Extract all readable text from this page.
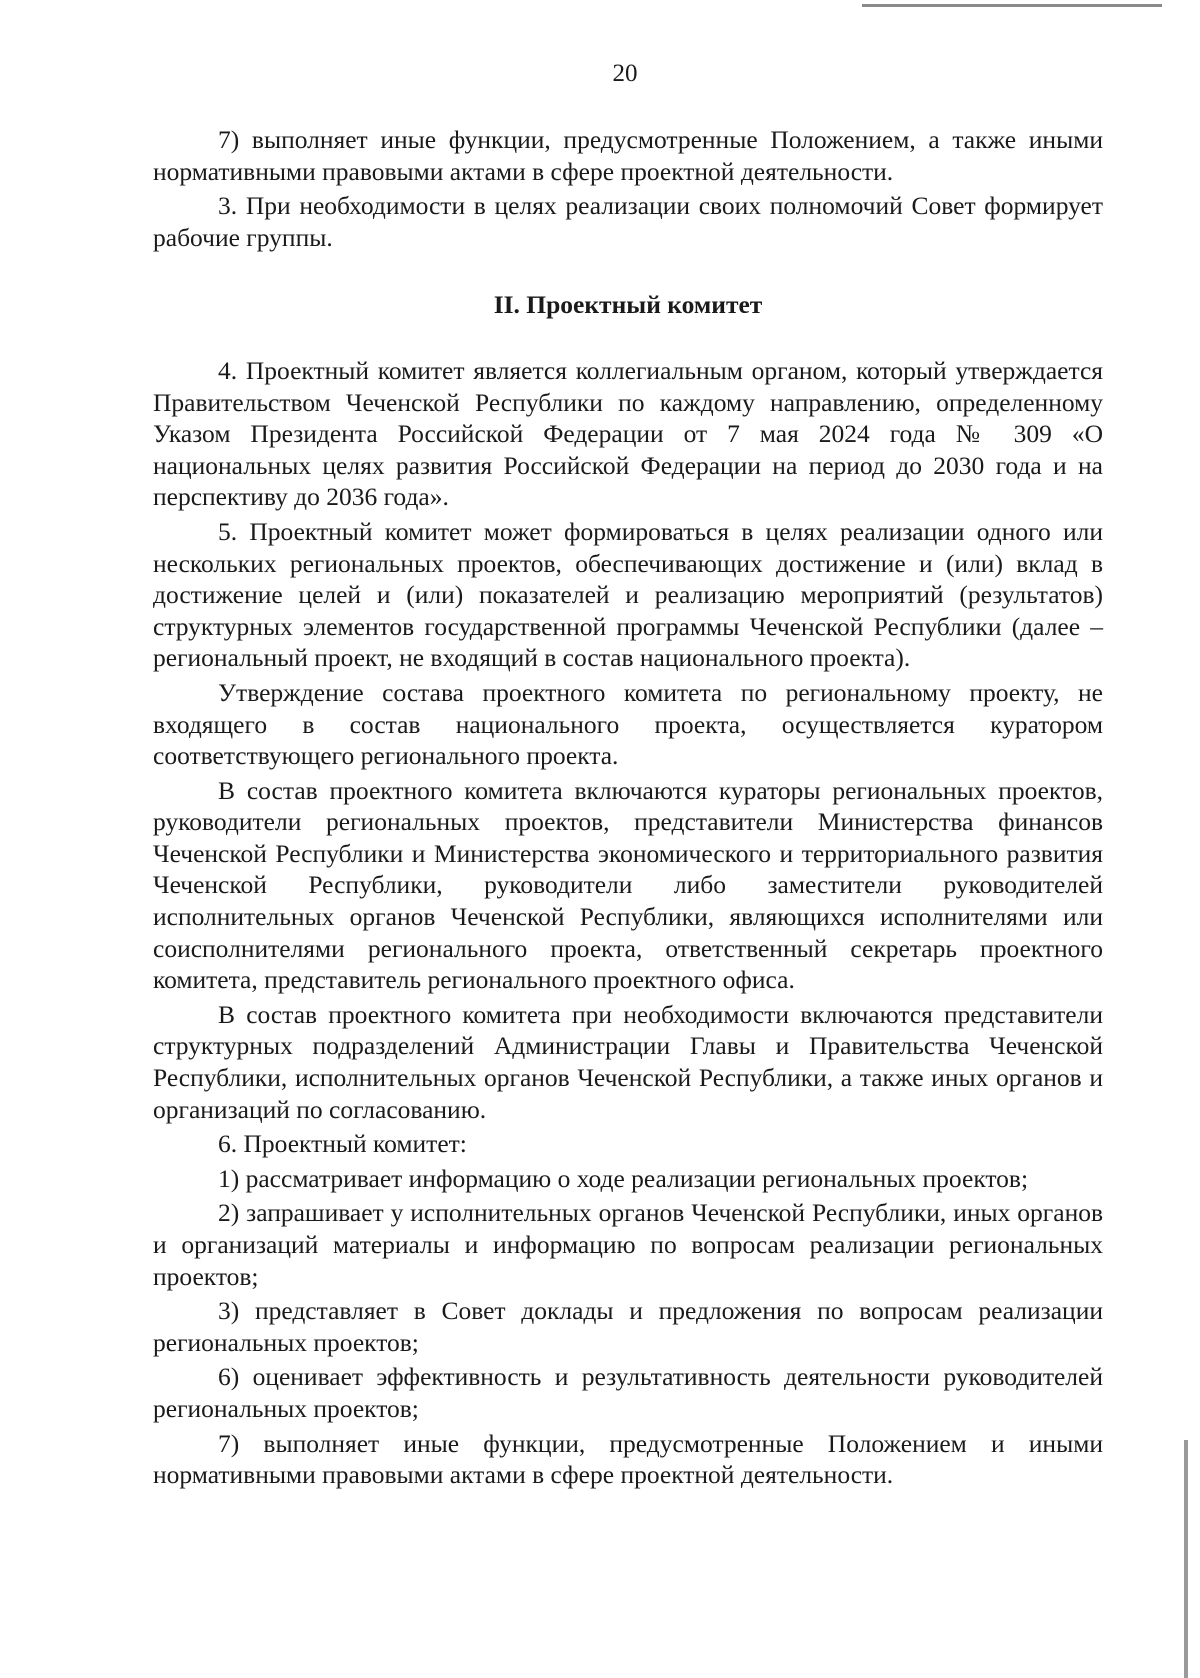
20

7) выполняет иные функции, предусмотренные Положением, а также иными нормативными правовыми актами в сфере проектной деятельности.

3. При необходимости в целях реализации своих полномочий Совет формирует рабочие группы.

II. Проектный комитет

4. Проектный комитет является коллегиальным органом, который утверждается Правительством Чеченской Республики по каждому направлению, определенному Указом Президента Российской Федерации от 7 мая 2024 года № 309 «О национальных целях развития Российской Федерации на период до 2030 года и на перспективу до 2036 года».

5. Проектный комитет может формироваться в целях реализации одного или нескольких региональных проектов, обеспечивающих достижение и (или) вклад в достижение целей и (или) показателей и реализацию мероприятий (результатов) структурных элементов государственной программы Чеченской Республики (далее – региональный проект, не входящий в состав национального проекта).

Утверждение состава проектного комитета по региональному проекту, не входящего в состав национального проекта, осуществляется куратором соответствующего регионального проекта.

В состав проектного комитета включаются кураторы региональных проектов, руководители региональных проектов, представители Министерства финансов Чеченской Республики и Министерства экономического и территориального развития Чеченской Республики, руководители либо заместители руководителей исполнительных органов Чеченской Республики, являющихся исполнителями или соисполнителями регионального проекта, ответственный секретарь проектного комитета, представитель регионального проектного офиса.

В состав проектного комитета при необходимости включаются представители структурных подразделений Администрации Главы и Правительства Чеченской Республики, исполнительных органов Чеченской Республики, а также иных органов и организаций по согласованию.

6. Проектный комитет:

1) рассматривает информацию о ходе реализации региональных проектов;

2) запрашивает у исполнительных органов Чеченской Республики, иных органов и организаций материалы и информацию по вопросам реализации региональных проектов;

3) представляет в Совет доклады и предложения по вопросам реализации региональных проектов;

6) оценивает эффективность и результативность деятельности руководителей региональных проектов;

7) выполняет иные функции, предусмотренные Положением и иными нормативными правовыми актами в сфере проектной деятельности.
